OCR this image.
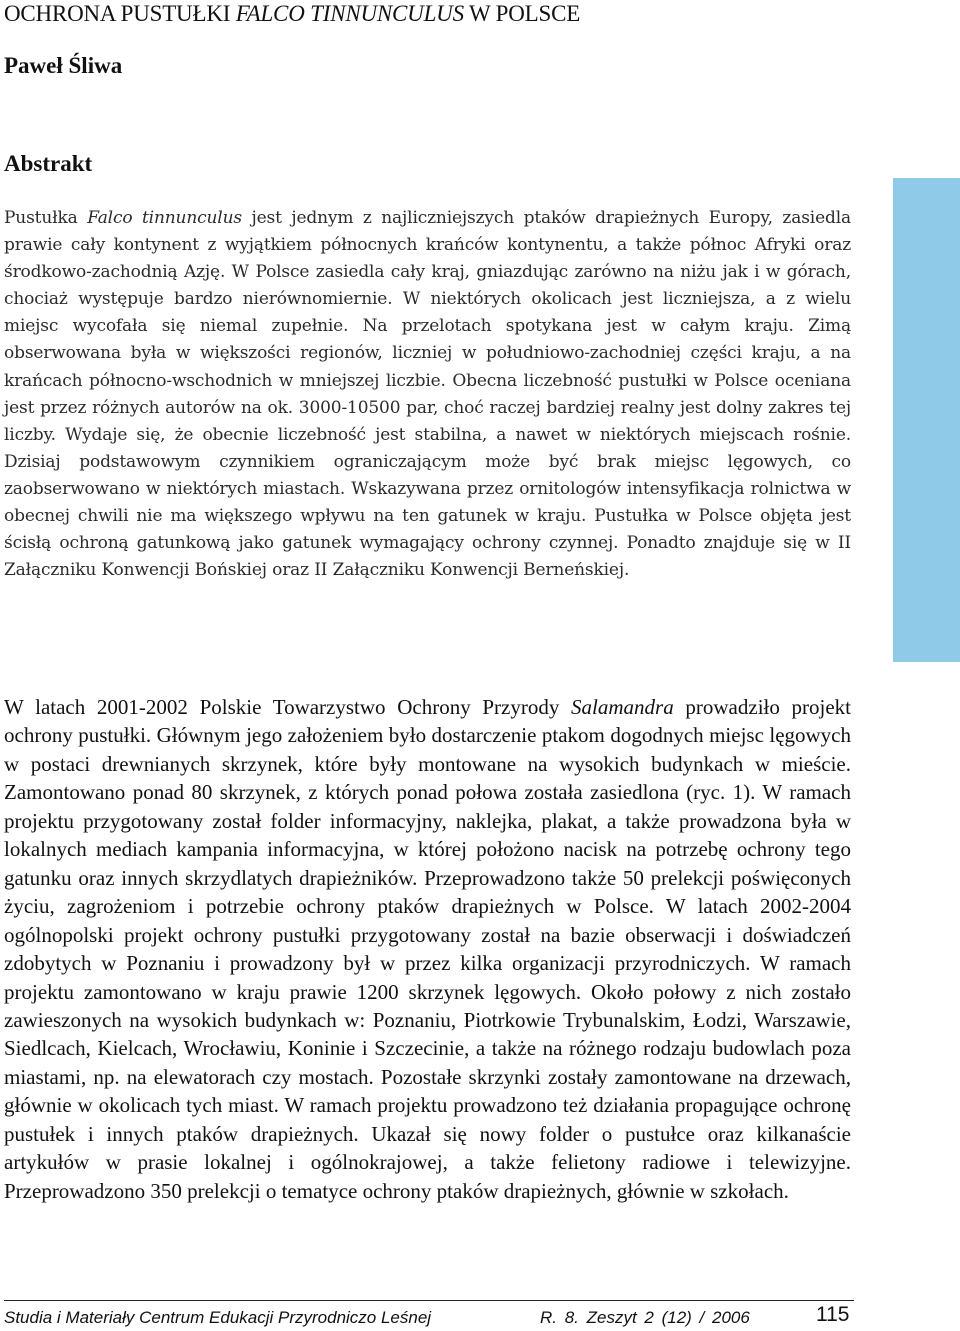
OCHRONA PUSTUŁKI FALCO TINNUNCULUS W POLSCE
Paweł Śliwa
Abstrakt

Pustułka Falco tinnunculus jest jednym z najliczniejszych ptaków drapieżnych Europy, zasiedla prawie cały kontynent z wyjątkiem północnych krańców kontynentu, a także północ Afryki oraz środkowo-zachodnią Azję. W Polsce zasiedla cały kraj, gniazdując zarówno na niżu jak i w górach, chociaż występuje bardzo nierównomiernie. W niektórych okolicach jest liczniejsza, a z wielu miejsc wycofała się niemal zupełnie. Na przelotach spotykana jest w całym kraju. Zimą obserwowana była w większości regionów, liczniej w południowo-zachodniej części kraju, a na krańcach północno-wschodnich w mniejszej liczbie. Obecna liczebność pustułki w Polsce oceniana jest przez różnych autorów na ok. 3000-10500 par, choć raczej bardziej realny jest dolny zakres tej liczby. Wydaje się, że obecnie liczebność jest stabilna, a nawet w niektórych miejscach rośnie. Dzisiaj podstawowym czynnikiem ograniczającym może być brak miejsc lęgowych, co zaobserwowano w niektórych miastach. Wskazywana przez ornitologów intensyfikacja rolnictwa w obecnej chwili nie ma większego wpływu na ten gatunek w kraju. Pustułka w Polsce objęta jest ścisłą ochroną gatunkową jako gatunek wymagający ochrony czynnej. Ponadto znajduje się w II Załączniku Konwencji Bońskiej oraz II Załączniku Konwencji Berneńskiej.

W latach 2001-2002 Polskie Towarzystwo Ochrony Przyrody Salamandra prowadziło projekt ochrony pustułki. Głównym jego założeniem było dostarczenie ptakom dogodnych miejsc lęgowych w postaci drewnianych skrzynek, które były montowane na wysokich budynkach w mieście. Zamontowano ponad 80 skrzynek, z których ponad połowa została zasiedlona (ryc. 1). W ramach projektu przygotowany został folder informacyjny, naklejka, plakat, a także prowadzona była w lokalnych mediach kampania informacyjna, w której położono nacisk na potrzebę ochrony tego gatunku oraz innych skrzydlatych drapieżników. Przeprowadzono także 50 prelekcji poświęconych życiu, zagrożeniom i potrzebie ochrony ptaków drapieżnych w Polsce. W latach 2002-2004 ogólnopolski projekt ochrony pustułki przygotowany został na bazie obserwacji i doświadczeń zdobytych w Poznaniu i prowadzony był w przez kilka organizacji przyrodniczych. W ramach projektu zamontowano w kraju prawie 1200 skrzynek lęgowych. Około połowy z nich zostało zawieszonych na wysokich budynkach w: Poznaniu, Piotrkowie Trybunalskim, Łodzi, Warszawie, Siedlcach, Kielcach, Wrocławiu, Koninie i Szczecinie, a także na różnego rodzaju budowlach poza miastami, np. na elewatorach czy mostach. Pozostałe skrzynki zostały zamontowane na drzewach, głównie w okolicach tych miast. W ramach projektu prowadzono też działania propagujące ochronę pustułek i innych ptaków drapieżnych. Ukazał się nowy folder o pustułce oraz kilkanaście artykułów w prasie lokalnej i ogólnokrajowej, a także felietony radiowe i telewizyjne. Przeprowadzono 350 prelekcji o tematyce ochrony ptaków drapieżnych, głównie w szkołach.

Studia i Materiały Centrum Edukacji Przyrodniczo Leśnej	R. 8. Zeszyt 2 (12) / 2006	115
